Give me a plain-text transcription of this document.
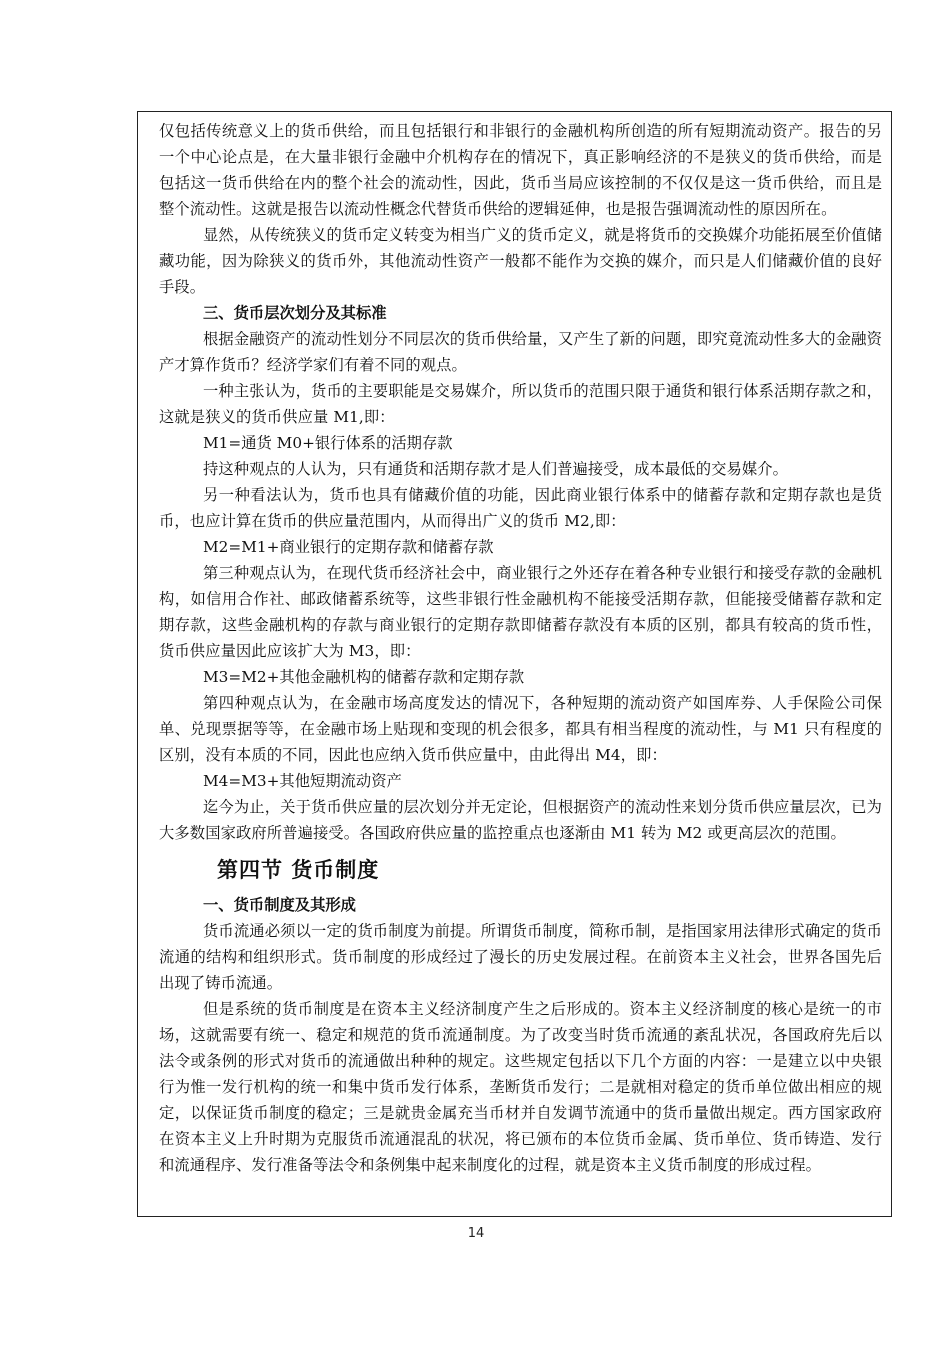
仅包括传统意义上的货币供给，而且包括银行和非银行的金融机构所创造的所有短期流动资产。报告的另一个中心论点是，在大量非银行金融中介机构存在的情况下，真正影响经济的不是狭义的货币供给，而是包括这一货币供给在内的整个社会的流动性，因此，货币当局应该控制的不仅仅是这一货币供给，而且是整个流动性。这就是报告以流动性概念代替货币供给的逻辑延伸，也是报告强调流动性的原因所在。

显然，从传统狭义的货币定义转变为相当广义的货币定义，就是将货币的交换媒介功能拓展至价值储藏功能，因为除狭义的货币外，其他流动性资产一般都不能作为交换的媒介，而只是人们储藏价值的良好手段。

三、货币层次划分及其标准

根据金融资产的流动性划分不同层次的货币供给量，又产生了新的问题，即究竟流动性多大的金融资产才算作货币？经济学家们有着不同的观点。

一种主张认为，货币的主要职能是交易媒介，所以货币的范围只限于通货和银行体系活期存款之和，这就是狭义的货币供应量 M1,即：

M1=通货 M0+银行体系的活期存款

持这种观点的人认为，只有通货和活期存款才是人们普遍接受，成本最低的交易媒介。

另一种看法认为，货币也具有储藏价值的功能，因此商业银行体系中的储蓄存款和定期存款也是货币，也应计算在货币的供应量范围内，从而得出广义的货币 M2,即：

M2=M1+商业银行的定期存款和储蓄存款

第三种观点认为，在现代货币经济社会中，商业银行之外还存在着各种专业银行和接受存款的金融机构，如信用合作社、邮政储蓄系统等，这些非银行性金融机构不能接受活期存款，但能接受储蓄存款和定期存款，这些金融机构的存款与商业银行的定期存款即储蓄存款没有本质的区别，都具有较高的货币性，货币供应量因此应该扩大为 M3，即：

M3=M2+其他金融机构的储蓄存款和定期存款

第四种观点认为，在金融市场高度发达的情况下，各种短期的流动资产如国库券、人手保险公司保单、兑现票据等等，在金融市场上贴现和变现的机会很多，都具有相当程度的流动性，与 M1 只有程度的区别，没有本质的不同，因此也应纳入货币供应量中，由此得出 M4，即：

M4=M3+其他短期流动资产

迄今为止，关于货币供应量的层次划分并无定论，但根据资产的流动性来划分货币供应量层次，已为大多数国家政府所普遍接受。各国政府供应量的监控重点也逐渐由 M1 转为 M2 或更高层次的范围。

第四节 货币制度

一、货币制度及其形成

货币流通必须以一定的货币制度为前提。所谓货币制度，简称币制，是指国家用法律形式确定的货币流通的结构和组织形式。货币制度的形成经过了漫长的历史发展过程。在前资本主义社会，世界各国先后出现了铸币流通。

但是系统的货币制度是在资本主义经济制度产生之后形成的。资本主义经济制度的核心是统一的市场，这就需要有统一、稳定和规范的货币流通制度。为了改变当时货币流通的紊乱状况，各国政府先后以法令或条例的形式对货币的流通做出种种的规定。这些规定包括以下几个方面的内容：一是建立以中央银行为惟一发行机构的统一和集中货币发行体系，垄断货币发行；二是就相对稳定的货币单位做出相应的规定，以保证货币制度的稳定；三是就贵金属充当币材并自发调节流通中的货币量做出规定。西方国家政府在资本主义上升时期为克服货币流通混乱的状况，将已颁布的本位货币金属、货币单位、货币铸造、发行和流通程序、发行准备等法令和条例集中起来制度化的过程，就是资本主义货币制度的形成过程。

14
